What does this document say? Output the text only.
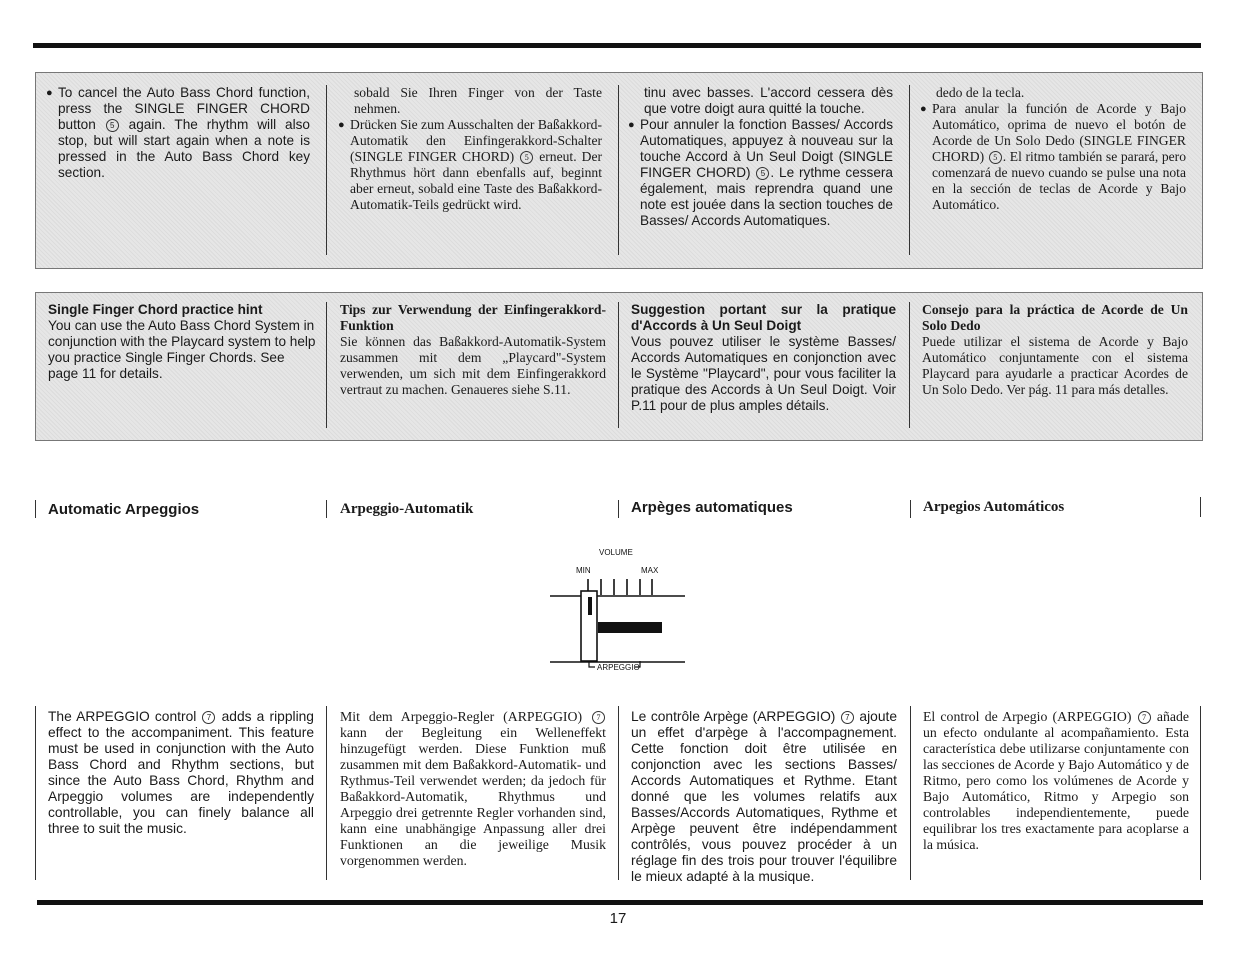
● To cancel the Auto Bass Chord function, press the SINGLE FINGER CHORD button 5 again. The rhythm will also stop, but will start again when a note is pressed in the Auto Bass Chord key section.
sobald Sie Ihren Finger von der Taste nehmen.
● Drücken Sie zum Ausschalten der Baßakkord-Automatik den Einfingerakkord-Schalter (SINGLE FINGER CHORD) 5 erneut. Der Rhythmus hört dann ebenfalls auf, beginnt aber erneut, sobald eine Taste des Baßakkord-Automatik-Teils gedrückt wird.
tinu avec basses. L'accord cessera dès que votre doigt aura quitté la touche.
● Pour annuler la fonction Basses/ Accords Automatiques, appuyez à nouveau sur la touche Accord à Un Seul Doigt (SINGLE FINGER CHORD) 5 . Le rythme cessera également, mais reprendra quand une note est jouée dans la section touches de Basses/ Accords Automatiques.
dedo de la tecla.
● Para anular la función de Acorde y Bajo Automático, oprima de nuevo el botón de Acorde de Un Solo Dedo (SINGLE FINGER CHORD) 5 . El ritmo también se parará, pero comenzará de nuevo cuando se pulse una nota en la sección de teclas de Acorde y Bajo Automático.
Single Finger Chord practice hint
You can use the Auto Bass Chord System in conjunction with the Playcard system to help you practice Single Finger Chords. See page 11 for details.
Tips zur Verwendung der Einfingerakkord-Funktion
Sie können das Baßakkord-Automatik-System zusammen mit dem „Playcard"-System verwenden, um sich mit dem Einfingerakkord vertraut zu machen. Genaueres siehe S.11.
Suggestion portant sur la pratique d'Accords à Un Seul Doigt
Vous pouvez utiliser le système Basses/ Accords Automatiques en conjonction avec le Système "Playcard", pour vous faciliter la pratique des Accords à Un Seul Doigt. Voir P.11 pour de plus amples détails.
Consejo para la práctica de Acorde de Un Solo Dedo
Puede utilizar el sistema de Acorde y Bajo Automático conjuntamente con el sistema Playcard para ayudarle a practicar Acordes de Un Solo Dedo. Ver pág. 11 para más detalles.
Automatic Arpeggios	Arpeggio-Automatik	Arpèges automatiques	Arpegios Automáticos
VOLUME
MIN	MAX
ARPEGGIO
The ARPEGGIO control 7 adds a rippling effect to the accompaniment. This feature must be used in conjunction with the Auto Bass Chord and Rhythm sections, but since the Auto Bass Chord, Rhythm and Arpeggio volumes are independently controllable, you can finely balance all three to suit the music.
Mit dem Arpeggio-Regler (ARPEGGIO) 7 kann der Begleitung ein Welleneffekt hinzugefügt werden. Diese Funktion muß zusammen mit dem Baßakkord-Automatik- und Rythmus-Teil verwendet werden; da jedoch für Baßakkord-Automatik, Rhythmus und Arpeggio drei getrennte Regler vorhanden sind, kann eine unabhängige Anpassung aller drei Funktionen an die jeweilige Musik vorgenommen werden.
Le contrôle Arpège (ARPEGGIO) 7 ajoute un effet d'arpège à l'accompagnement. Cette fonction doit être utilisée en conjonction avec les sections Basses/ Accords Automatiques et Rythme. Etant donné que les volumes relatifs aux Basses/Accords Automatiques, Rythme et Arpège peuvent être indépendamment contrôlés, vous pouvez procéder à un réglage fin des trois pour trouver l'équilibre le mieux adapté à la musique.
El control de Arpegio (ARPEGGIO) 7 añade un efecto ondulante al acompañamiento. Esta característica debe utilizarse conjuntamente con las secciones de Acorde y Bajo Automático y de Ritmo, pero como los volúmenes de Acorde y Bajo Automático, Ritmo y Arpegio son controlables independientemente, puede equilibrar los tres exactamente para acoplarse a la música.
17
